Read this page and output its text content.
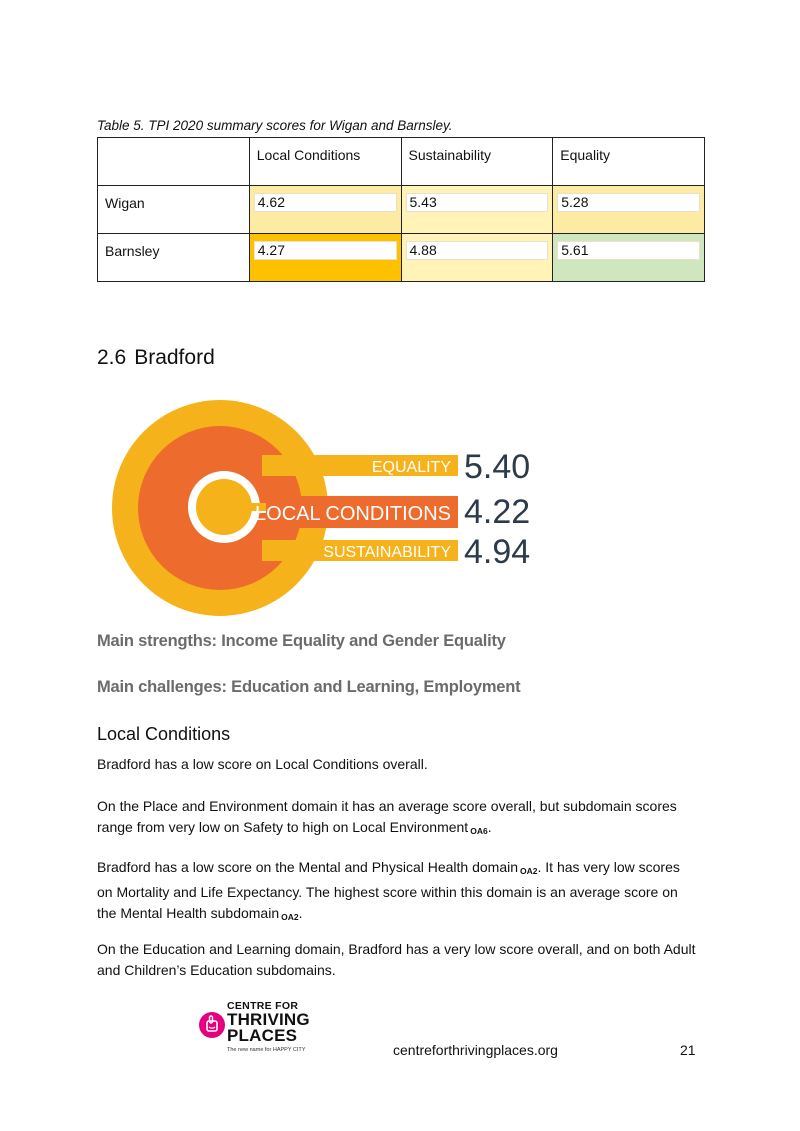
Table 5. TPI 2020 summary scores for Wigan and Barnsley.

	Local Conditions	Sustainability	Equality

Wigan	4.62	5.43	5.28

Barnsley	4.27	4.88	5.61
2.6 Bradford
EQUALITY
LOCAL CONDITIONS
SUSTAINABILITY
5.40
4.22
4.94
Main strengths: Income Equality and Gender Equality
Main challenges: Education and Learning, Employment
Local Conditions
Bradford has a low score on Local Conditions overall.
On the Place and Environment domain it has an average score overall, but subdomain scores
range from very low on Safety to high on Local Environment $_{OA6}$.
Bradford has a low score on the Mental and Physical Health domain $_{OA2}$. It has very low scores
on Mortality and Life Expectancy. The highest score within this domain is an average score on
the Mental Health subdomain $_{OA2}$.
On the Education and Learning domain, Bradford has a very low score overall, and on both Adult
and Children’s Education subdomains.
CENTRE FOR
THRIVING
PLACES
The new name for HAPPY CITY	centreforthrivingplaces.org	21
